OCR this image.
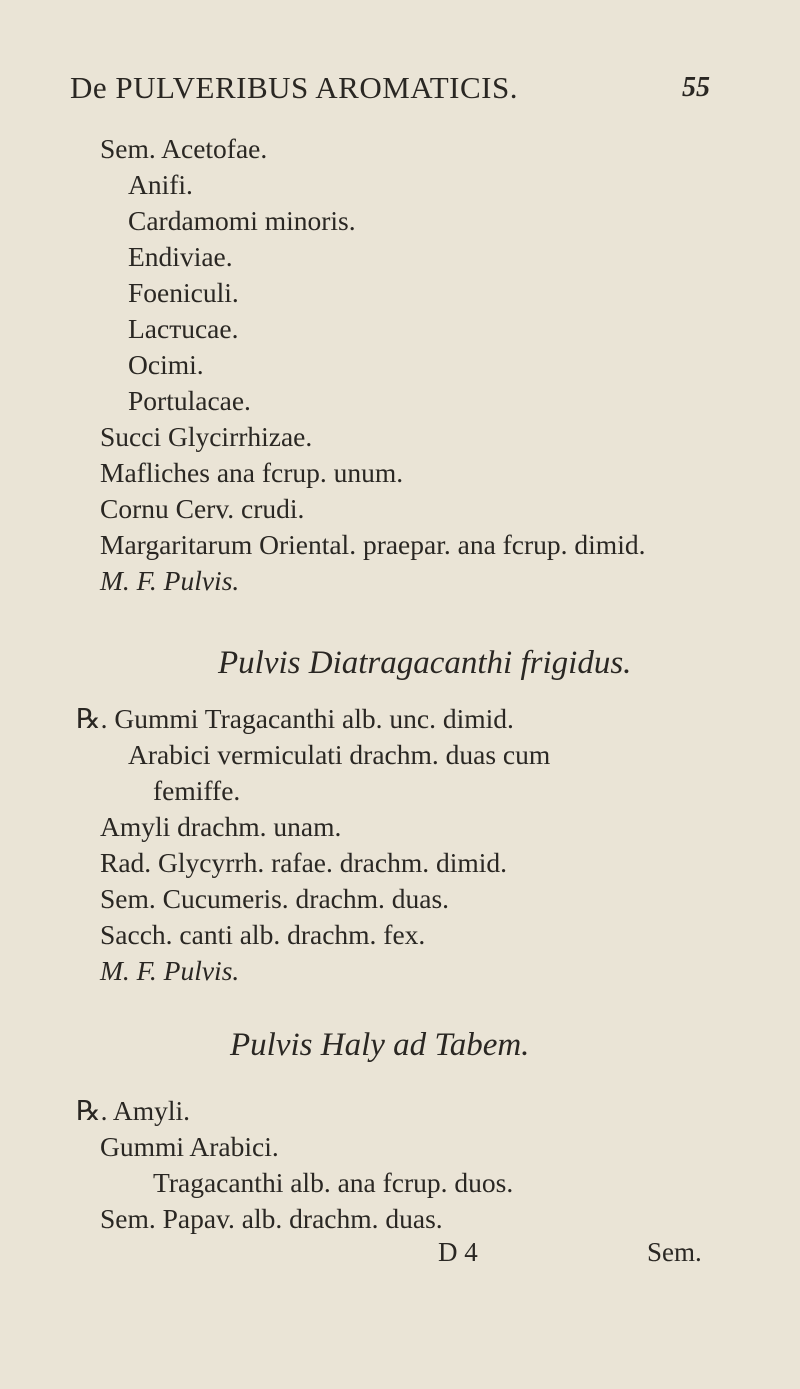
De PULVERIBUS AROMATICIS.	55
Sem. Acetofae.
Anifi.
Cardamomi minoris.
Endiviae.
Foeniculi.
Laстucae.
Ocimi.
Portulacae.
Succi Glycirrhizae.
Mafliches ana fcrup. unum.
Cornu Cerv. crudi.
Margaritarum Oriental. praepar. ana fcrup. dimid.
M. F. Pulvis.
Pulvis Diatragacanthi frigidus.
℞. Gummi Tragacanthi alb. unc. dimid.
Arabici vermiculati drachm. duas cum
femiffe.
Amyli drachm. unam.
Rad. Glycyrrh. rafae. drachm. dimid.
Sem. Cucumeris. drachm. duas.
Sacch. canti alb. drachm. fex.
M. F. Pulvis.
Pulvis Haly ad Tabem.
℞. Amyli.
Gummi Arabici.
Tragacanthi alb. ana fcrup. duos.
Sem. Papav. alb. drachm. duas.
D 4	Sem.
